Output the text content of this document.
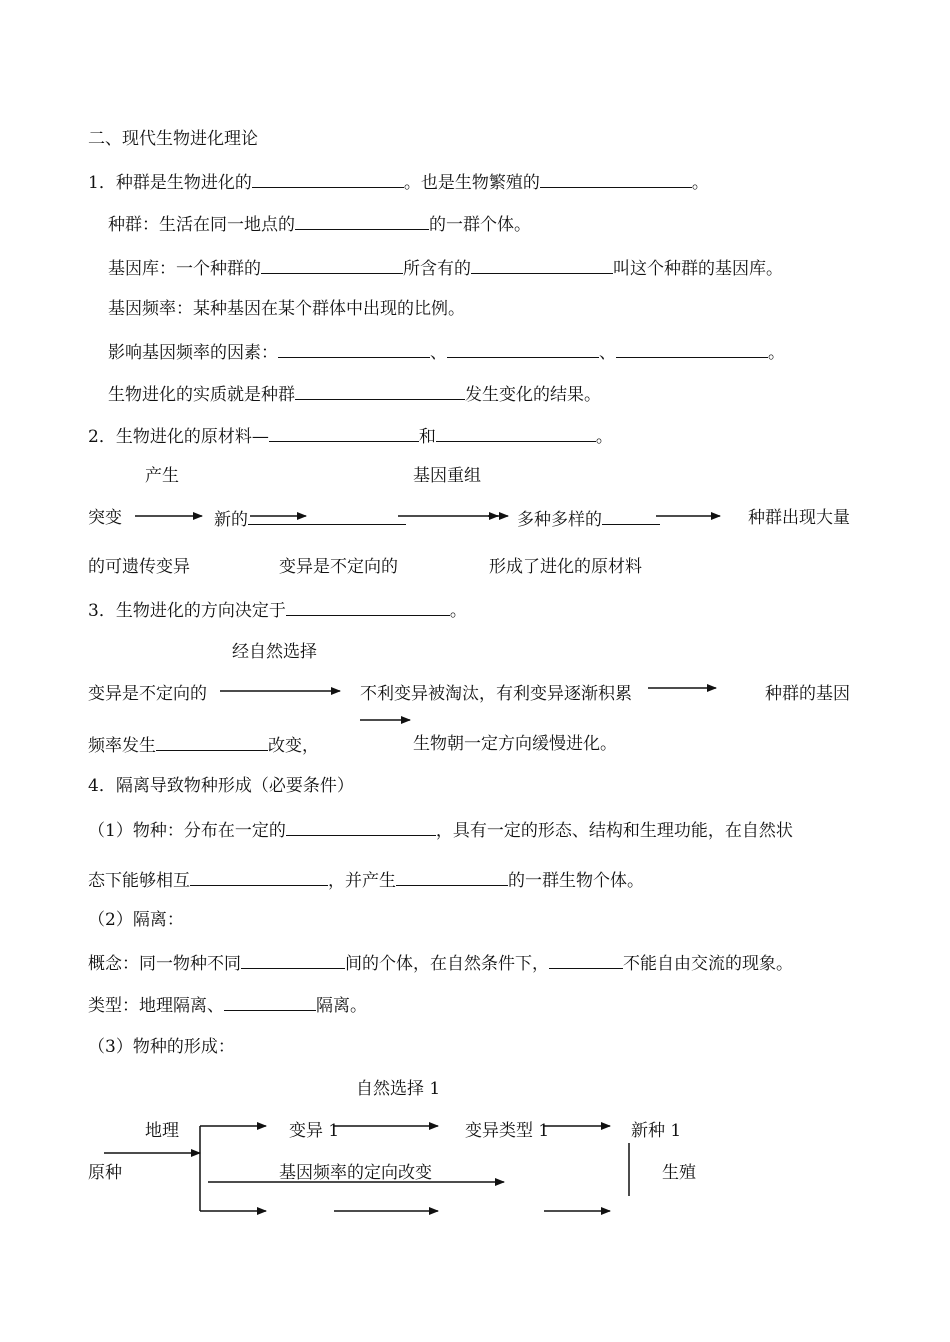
二、现代生物进化理论
1．种群是生物进化的	。也是生物繁殖的	。
种群：生活在同一地点的	的一群个体。
基因库：一个种群的	所含有的	叫这个种群的基因库。
基因频率：某种基因在某个群体中出现的比例。
影响基因频率的因素：	、	、	。
生物进化的实质就是种群	发生变化的结果。
2．生物进化的原材料—	和	。
产生	基因重组
突变	新的	多种多样的	种群出现大量
的可遗传变异	变异是不定向的	形成了进化的原材料
3．生物进化的方向决定于	。
经自然选择
变异是不定向的	不利变异被淘汰，有利变异逐渐积累	种群的基因
频率发生	改变，	生物朝一定方向缓慢进化。
4．隔离导致物种形成（必要条件）
（1）物种：分布在一定的	，具有一定的形态、结构和生理功能，在自然状
态下能够相互	，并产生	的一群生物个体。
（2）隔离：
概念：同一物种不同	间的个体，在自然条件下，	不能自由交流的现象。
类型：地理隔离、	隔离。
（3）物种的形成：
自然选择 1
地理	变异 1	变异类型 1	新种 1
原种	基因频率的定向改变	生殖
